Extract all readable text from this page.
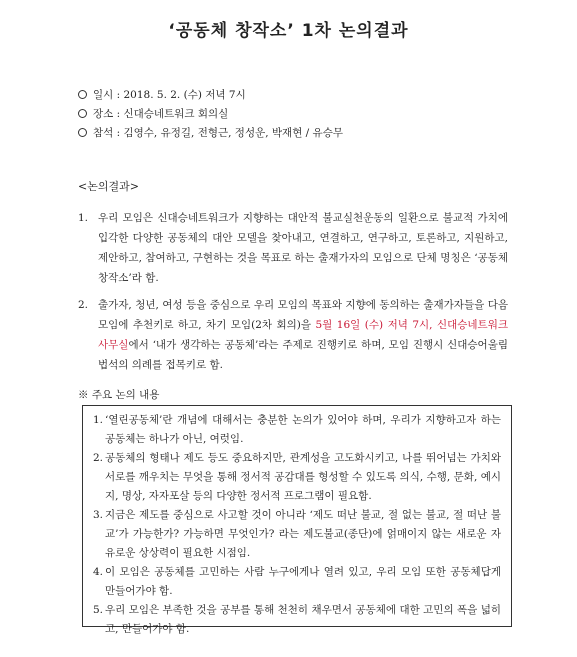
‘공동체 창작소’ 1차 논의결과
일시 : 2018. 5. 2. (수) 저녁 7시
장소 : 신대승네트워크 회의실
참석 : 김영수, 유정길, 전형근, 정성운, 박재현 / 유승무
<논의결과>
1. 우리 모임은 신대승네트워크가 지향하는 대안적 불교실천운동의 일환으로 불교적 가치에 입각한 다양한 공동체의 대안 모델을 찾아내고, 연결하고, 연구하고, 토론하고, 지원하고, 제안하고, 참여하고, 구현하는 것을 목표로 하는 출재가자의 모임으로 단체 명칭은 ‘공동체 창작소’라 함.
2. 출가자, 청년, 여성 등을 중심으로 우리 모임의 목표와 지향에 동의하는 출재가자들을 다음 모임에 추천키로 하고, 차기 모임(2차 회의)을 5월 16일 (수) 저녁 7시, 신대승네트워크 사무실에서 ‘내가 생각하는 공동체’라는 주제로 진행키로 하며, 모임 진행시 신대승어울림법석의 의례를 접목키로 함.
※ 주요 논의 내용
1. ‘열린공동체’란 개념에 대해서는 충분한 논의가 있어야 하며, 우리가 지향하고자 하는 공동체는 하나가 아닌, 여럿임.
2. 공동체의 형태나 제도 등도 중요하지만, 관계성을 고도화시키고, 나를 뛰어넘는 가치와 서로를 깨우치는 무엇을 통해 정서적 공감대를 형성할 수 있도록 의식, 수행, 문화, 예시지, 명상, 자자포살 등의 다양한 정서적 프로그램이 필요함.
3. 지금은 제도를 중심으로 사고할 것이 아니라 ‘제도 떠난 불교, 절 없는 불교, 절 떠난 불교’가 가능한가? 가능하면 무엇인가? 라는 제도불교(종단)에 얽매이지 않는 새로운 자유로운 상상력이 필요한 시점임.
4. 이 모임은 공동체를 고민하는 사람 누구에게나 열려 있고, 우리 모임 또한 공동체답게 만들어가야 함.
5. 우리 모임은 부족한 것을 공부를 통해 천천히 채우면서 공동체에 대한 고민의 폭을 넓히고, 만들어가야 함.
